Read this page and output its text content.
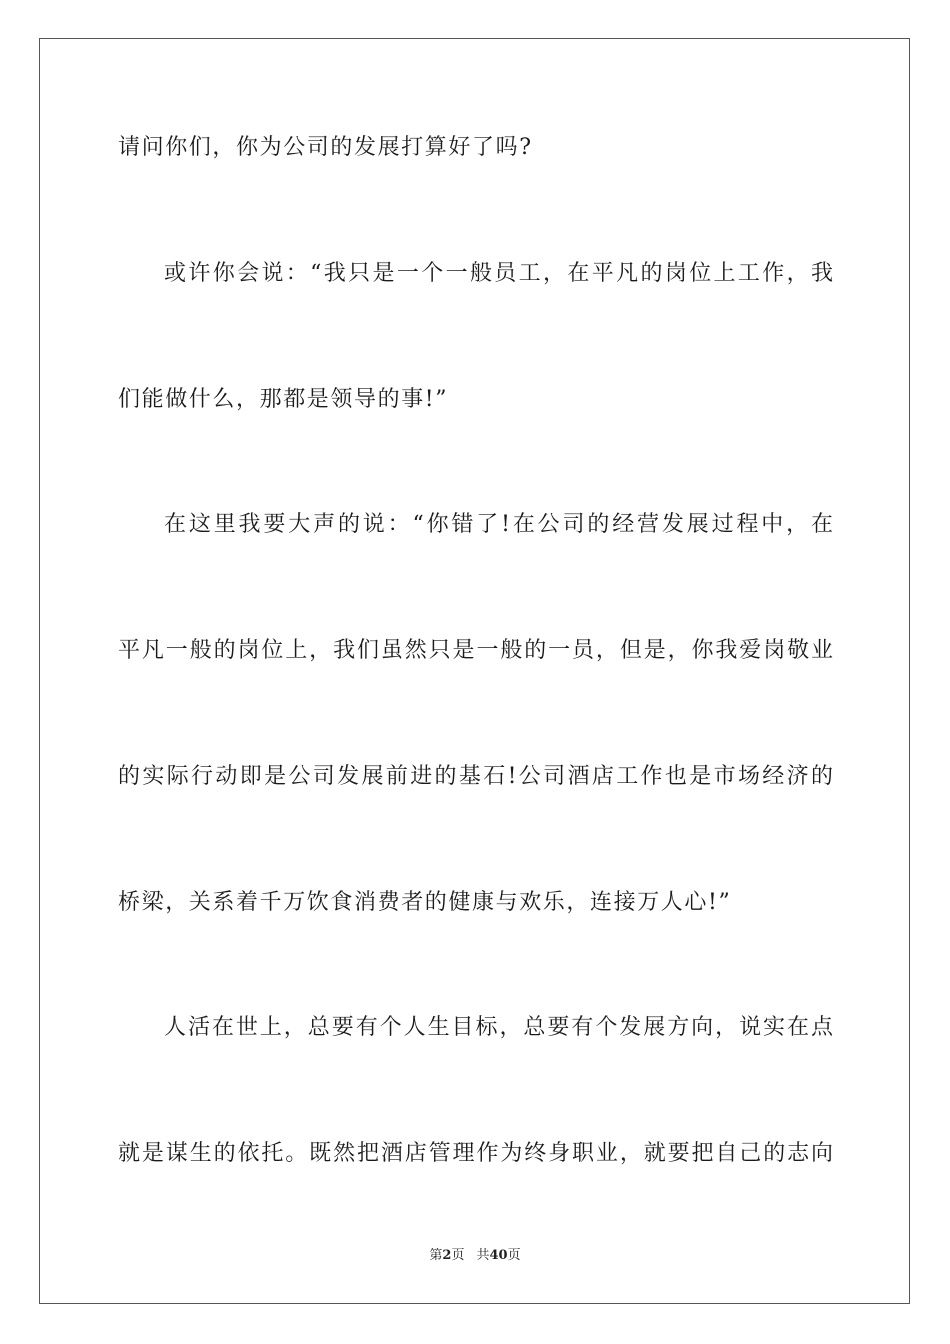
请问你们，你为公司的发展打算好了吗?
或许你会说：“我只是一个一般员工，在平凡的岗位上工作，我
们能做什么，那都是领导的事!”
在这里我要大声的说：“你错了!在公司的经营发展过程中，在
平凡一般的岗位上，我们虽然只是一般的一员，但是，你我爱岗敬业
的实际行动即是公司发展前进的基石!公司酒店工作也是市场经济的
桥梁，关系着千万饮食消费者的健康与欢乐，连接万人心!”
人活在世上，总要有个人生目标，总要有个发展方向，说实在点
就是谋生的依托。既然把酒店管理作为终身职业，就要把自己的志向
第2页 共40页
